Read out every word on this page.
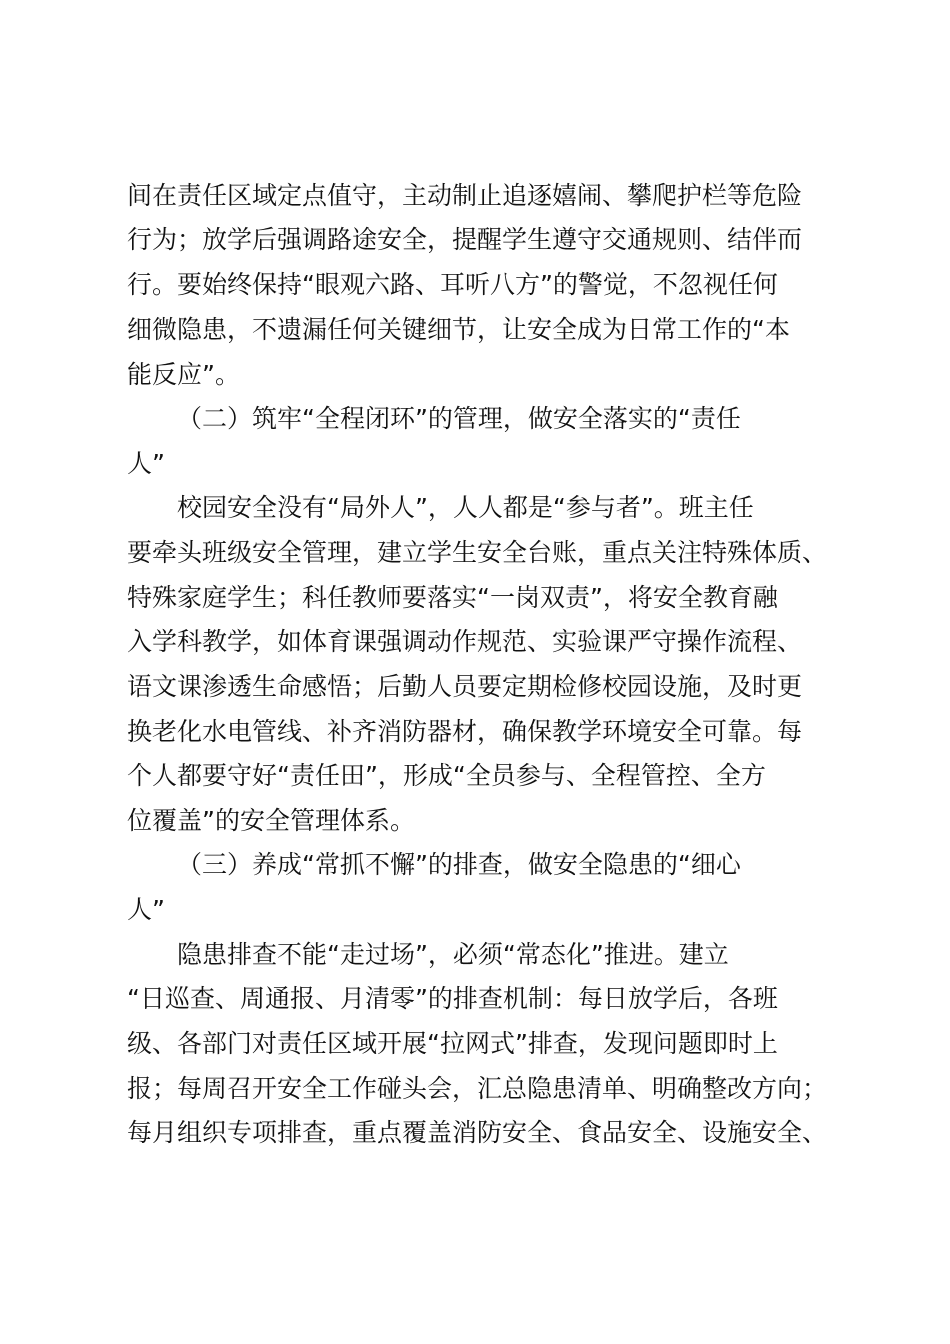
间在责任区域定点值守，主动制止追逐嬉闹、攀爬护栏等危险
行为；放学后强调路途安全，提醒学生遵守交通规则、结伴而
行。要始终保持“眼观六路、耳听八方”的警觉，不忽视任何
细微隐患，不遗漏任何关键细节，让安全成为日常工作的“本
能反应”。
（二）筑牢“全程闭环”的管理，做安全落实的“责任
人”
校园安全没有“局外人”，人人都是“参与者”。班主任
要牵头班级安全管理，建立学生安全台账，重点关注特殊体质、
特殊家庭学生；科任教师要落实“一岗双责”，将安全教育融
入学科教学，如体育课强调动作规范、实验课严守操作流程、
语文课渗透生命感悟；后勤人员要定期检修校园设施，及时更
换老化水电管线、补齐消防器材，确保教学环境安全可靠。每
个人都要守好“责任田”，形成“全员参与、全程管控、全方
位覆盖”的安全管理体系。
（三）养成“常抓不懈”的排查，做安全隐患的“细心
人”
隐患排查不能“走过场”，必须“常态化”推进。建立
“日巡查、周通报、月清零”的排查机制：每日放学后，各班
级、各部门对责任区域开展“拉网式”排查，发现问题即时上
报；每周召开安全工作碰头会，汇总隐患清单、明确整改方向；
每月组织专项排查，重点覆盖消防安全、食品安全、设施安全、
